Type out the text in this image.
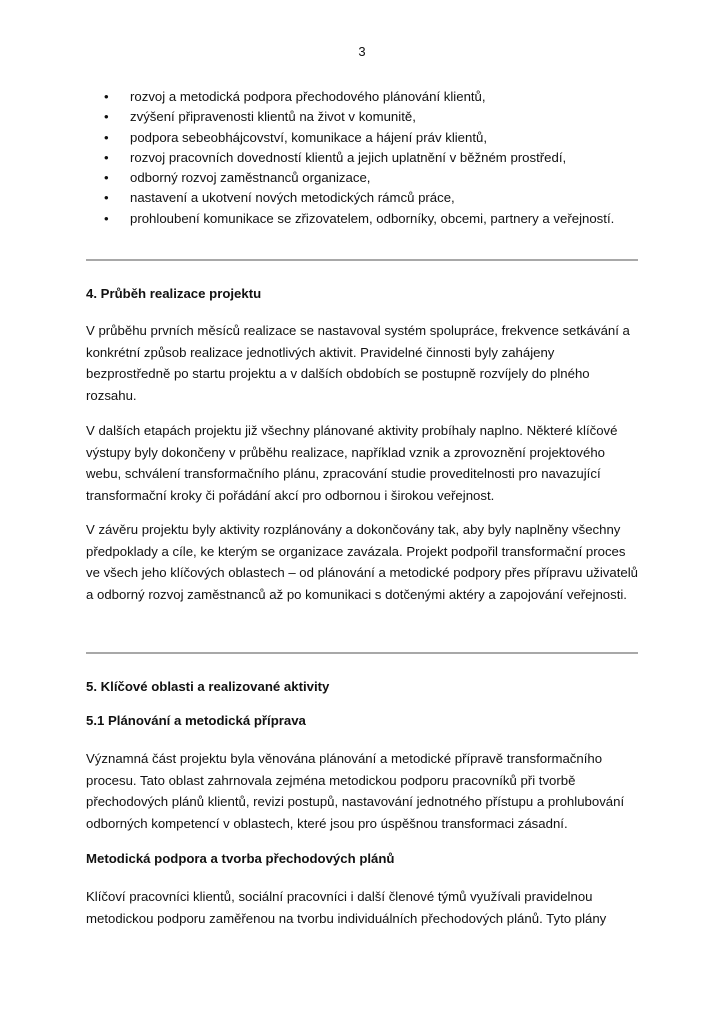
3
• rozvoj a metodická podpora přechodového plánování klientů,
• zvýšení připravenosti klientů na život v komunitě,
• podpora sebeobhájcovství, komunikace a hájení práv klientů,
• rozvoj pracovních dovedností klientů a jejich uplatnění v běžném prostředí,
• odborný rozvoj zaměstnanců organizace,
• nastavení a ukotvení nových metodických rámců práce,
• prohloubení komunikace se zřizovatelem, odborníky, obcemi, partnery a veřejností.
4. Průběh realizace projektu

V průběhu prvních měsíců realizace se nastavoval systém spolupráce, frekvence setkávání a konkrétní způsob realizace jednotlivých aktivit. Pravidelné činnosti byly zahájeny bezprostředně po startu projektu a v dalších obdobích se postupně rozvíjely do plného rozsahu.

V dalších etapách projektu již všechny plánované aktivity probíhaly naplno. Některé klíčové výstupy byly dokončeny v průběhu realizace, například vznik a zprovoznění projektového webu, schválení transformačního plánu, zpracování studie proveditelnosti pro navazující transformační kroky či pořádání akcí pro odbornou i širokou veřejnost.

V závěru projektu byly aktivity rozplánovány a dokončovány tak, aby byly naplněny všechny předpoklady a cíle, ke kterým se organizace zavázala. Projekt podpořil transformační proces ve všech jeho klíčových oblastech – od plánování a metodické podpory přes přípravu uživatelů a odborný rozvoj zaměstnanců až po komunikaci s dotčenými aktéry a zapojování veřejnosti.

5. Klíčové oblasti a realizované aktivity
5.1 Plánování a metodická příprava

Významná část projektu byla věnována plánování a metodické přípravě transformačního procesu. Tato oblast zahrnovala zejména metodickou podporu pracovníků při tvorbě přechodových plánů klientů, revizi postupů, nastavování jednotného přístupu a prohlubování odborných kompetencí v oblastech, které jsou pro úspěšnou transformaci zásadní.

Metodická podpora a tvorba přechodových plánů

Klíčoví pracovníci klientů, sociální pracovníci i další členové týmů využívali pravidelnou metodickou podporu zaměřenou na tvorbu individuálních přechodových plánů. Tyto plány
